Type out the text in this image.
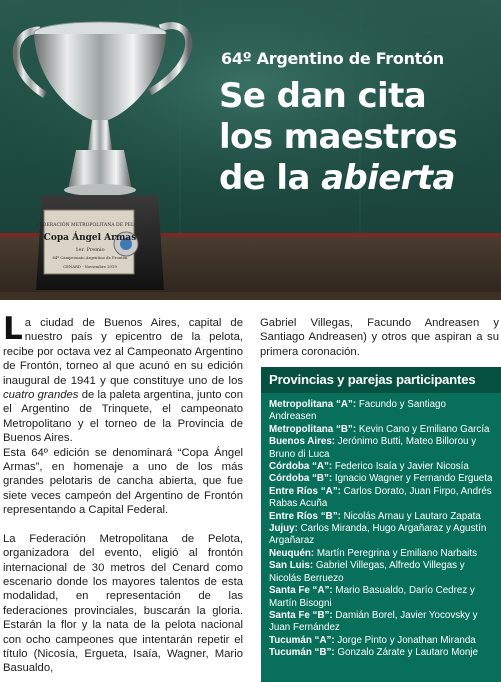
FEDERACIÓN METROPOLITANA DE PELOTA
Copa Ángel Armas
1er. Premio
64º Campeonato Argentino de Frontón
CENARD - Noviembre 2019

64º Argentino de Frontón

Se dan cita
los maestros
de la abierta

La ciudad de Buenos Aires, capital de nuestro país y epicentro de la pelota, recibe por octava vez al Campeonato Argentino de Frontón, torneo al que acunó en su edición inaugural de 1941 y que constituye uno de los cuatro grandes de la paleta argentina, junto con el Argentino de Trinquete, el campeonato Metropolitano y el torneo de la Provincia de Buenos Aires.

Esta 64º edición se denominará “Copa Ángel Armas”, en homenaje a uno de los más grandes pelotaris de cancha abierta, que fue siete veces campeón del Argentino de Frontón representando a Capital Federal.

La Federación Metropolitana de Pelota, organizadora del evento, eligió al frontón internacional de 30 metros del Cenard como escenario donde los mayores talentos de esta modalidad, en representación de las federaciones provinciales, buscarán la gloria. Estarán la flor y la nata de la pelota nacional con ocho campeones que intentarán repetir el título (Nicosía, Ergueta, Isaía, Wagner, Mario Basualdo,

Gabriel Villegas, Facundo Andreasen y Santiago Andreasen) y otros que aspiran a su primera coronación.

Provincias y parejas participantes
Metropolitana “A”: Facundo y Santiago Andreasen
Metropolitana “B”: Kevin Cano y Emiliano García
Buenos Aires: Jerónimo Butti, Mateo Billorou y Bruno di Luca
Córdoba “A”: Federico Isaía y Javier Nicosía
Córdoba “B”: Ignacio Wagner y Fernando Ergueta
Entre Ríos “A”: Carlos Dorato, Juan Firpo, Andrés Rabas Acuña
Entre Ríos “B”: Nicolás Arnau y Lautaro Zapata
Jujuy: Carlos Miranda, Hugo Argañaraz y Agustín Argañaraz
Neuquén: Martín Peregrina y Emiliano Narbaits
San Luis: Gabriel Villegas, Alfredo Villegas y Nicolás Berruezo
Santa Fe “A”: Mario Basualdo, Darío Cedrez y Martín Bisogni
Santa Fe “B”: Damián Borel, Javier Yocovsky y Juan Fernández
Tucumán “A”: Jorge Pinto y Jonathan Miranda
Tucumán “B”: Gonzalo Zárate y Lautaro Monje
